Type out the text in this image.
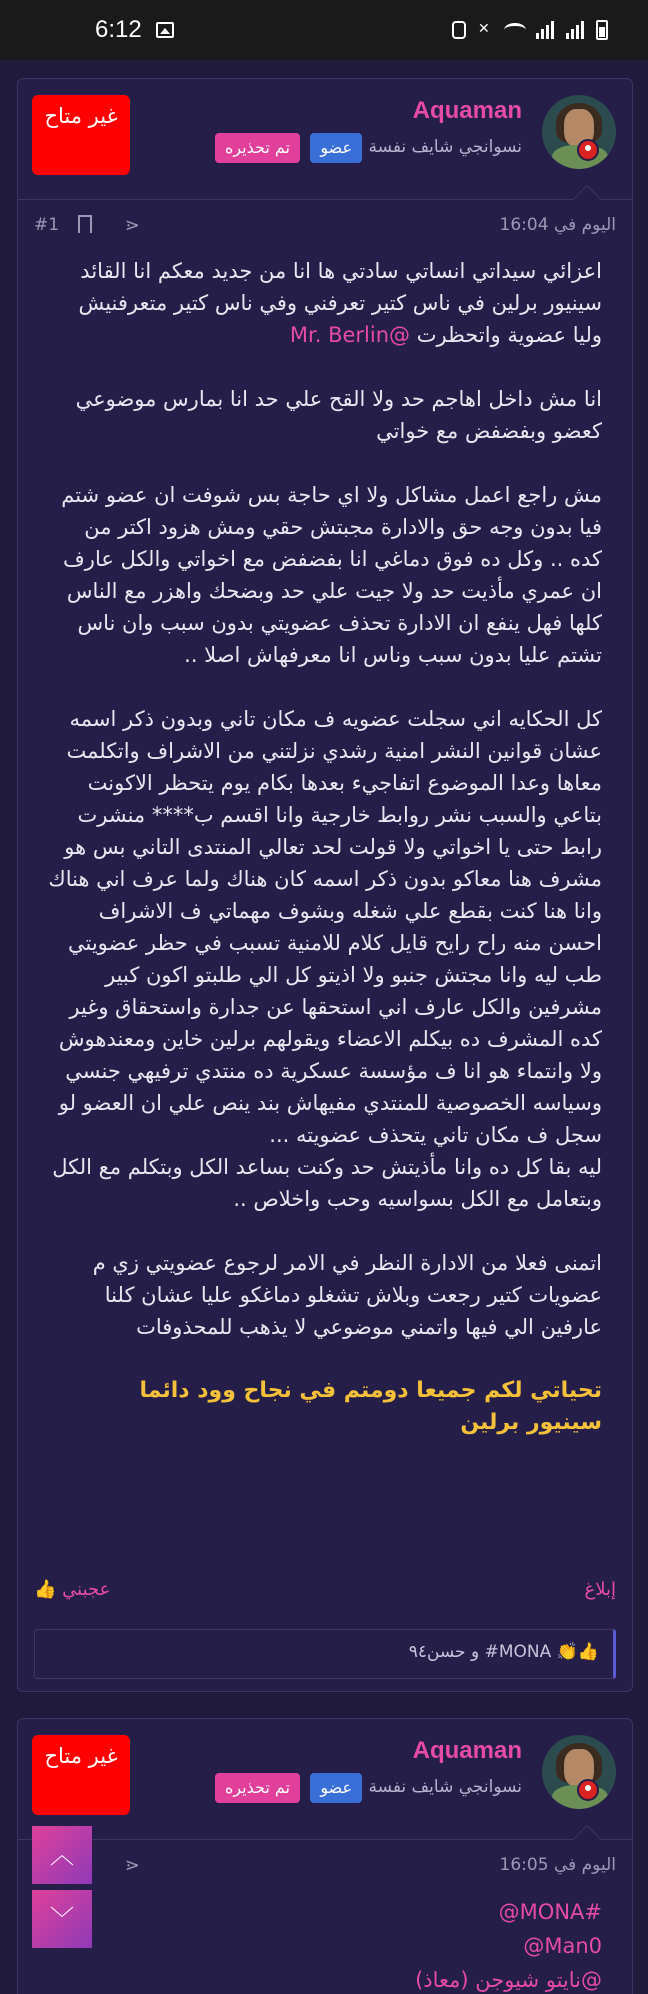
6:12
✕
Aquaman
نسوانجي شايف نفسة
عضو
تم تحذيره
غير متاح
اليوم في 16:04
⋖
#1

اعزائي سيداتي انساتي سادتي ها انا من جديد معكم انا القائد سينيور برلين في ناس كتير تعرفني وفي ناس كتير متعرفنيش وليا عضوية واتحظرت @Mr. Berlin

انا مش داخل اهاجم حد ولا القح علي حد انا بمارس موضوعي كعضو وبفضفض مع خواتي

مش راجع اعمل مشاكل ولا اي حاجة بس شوفت ان عضو شتم فيا بدون وجه حق والادارة مجبتش حقي ومش هزود اكتر من كده .. وكل ده فوق دماغي انا بفضفض مع اخواتي والكل عارف ان عمري مأذيت حد ولا جيت علي حد وبضحك واهزر مع الناس كلها فهل ينفع ان الادارة تحذف عضويتي بدون سبب وان ناس تشتم عليا بدون سبب وناس انا معرفهاش اصلا ..

كل الحكايه اني سجلت عضويه ف مكان تاني وبدون ذكر اسمه عشان قوانين النشر امنية رشدي نزلتني من الاشراف واتكلمت معاها وعدا الموضوع اتفاجيء بعدها بكام يوم يتحظر الاكونت بتاعي والسبب نشر روابط خارجية وانا اقسم ب**** منشرت رابط حتى يا اخواتي ولا قولت لحد تعالي المنتدى التاني بس هو مشرف هنا معاكو بدون ذكر اسمه كان هناك ولما عرف اني هناك وانا هنا كنت بقطع علي شغله وبشوف مهماتي ف الاشراف احسن منه راح رايح قايل كلام للامنية تسبب في حظر عضويتي طب ليه وانا مجتش جنبو ولا اذيتو كل الي طلبتو اكون كبير مشرفين والكل عارف اني استحقها عن جدارة واستحقاق وغير كده المشرف ده بيكلم الاعضاء ويقولهم برلين خاين ومعندهوش ولا وانتماء هو انا ف مؤسسة عسكرية ده منتدي ترفيهي جنسي وسياسه الخصوصية للمنتدي مفيهاش بند ينص علي ان العضو لو سجل ف مكان تاني يتحذف عضويته ...
ليه بقا كل ده وانا مأذيتش حد وكنت بساعد الكل وبتكلم مع الكل وبتعامل مع الكل بسواسيه وحب واخلاص ..

اتمنى فعلا من الادارة النظر في الامر لرجوع عضويتي زي م عضويات كتير رجعت وبلاش تشغلو دماغكو عليا عشان كلنا عارفين الي فيها واتمني موضوعي لا يذهب للمحذوفات

تحياتي لكم جميعا دومتم في نجاح وود دائما
سينيور برلين
إبلاغ
عجبني 👍
👍👏 MONA# و حسن٩٤
Aquaman
نسوانجي شايف نفسة
عضو
تم تحذيره
غير متاح
اليوم في 16:05
⋖
@MONA#
@Man0
@نايتو شيوجن (معاذ)
︿
﹀
